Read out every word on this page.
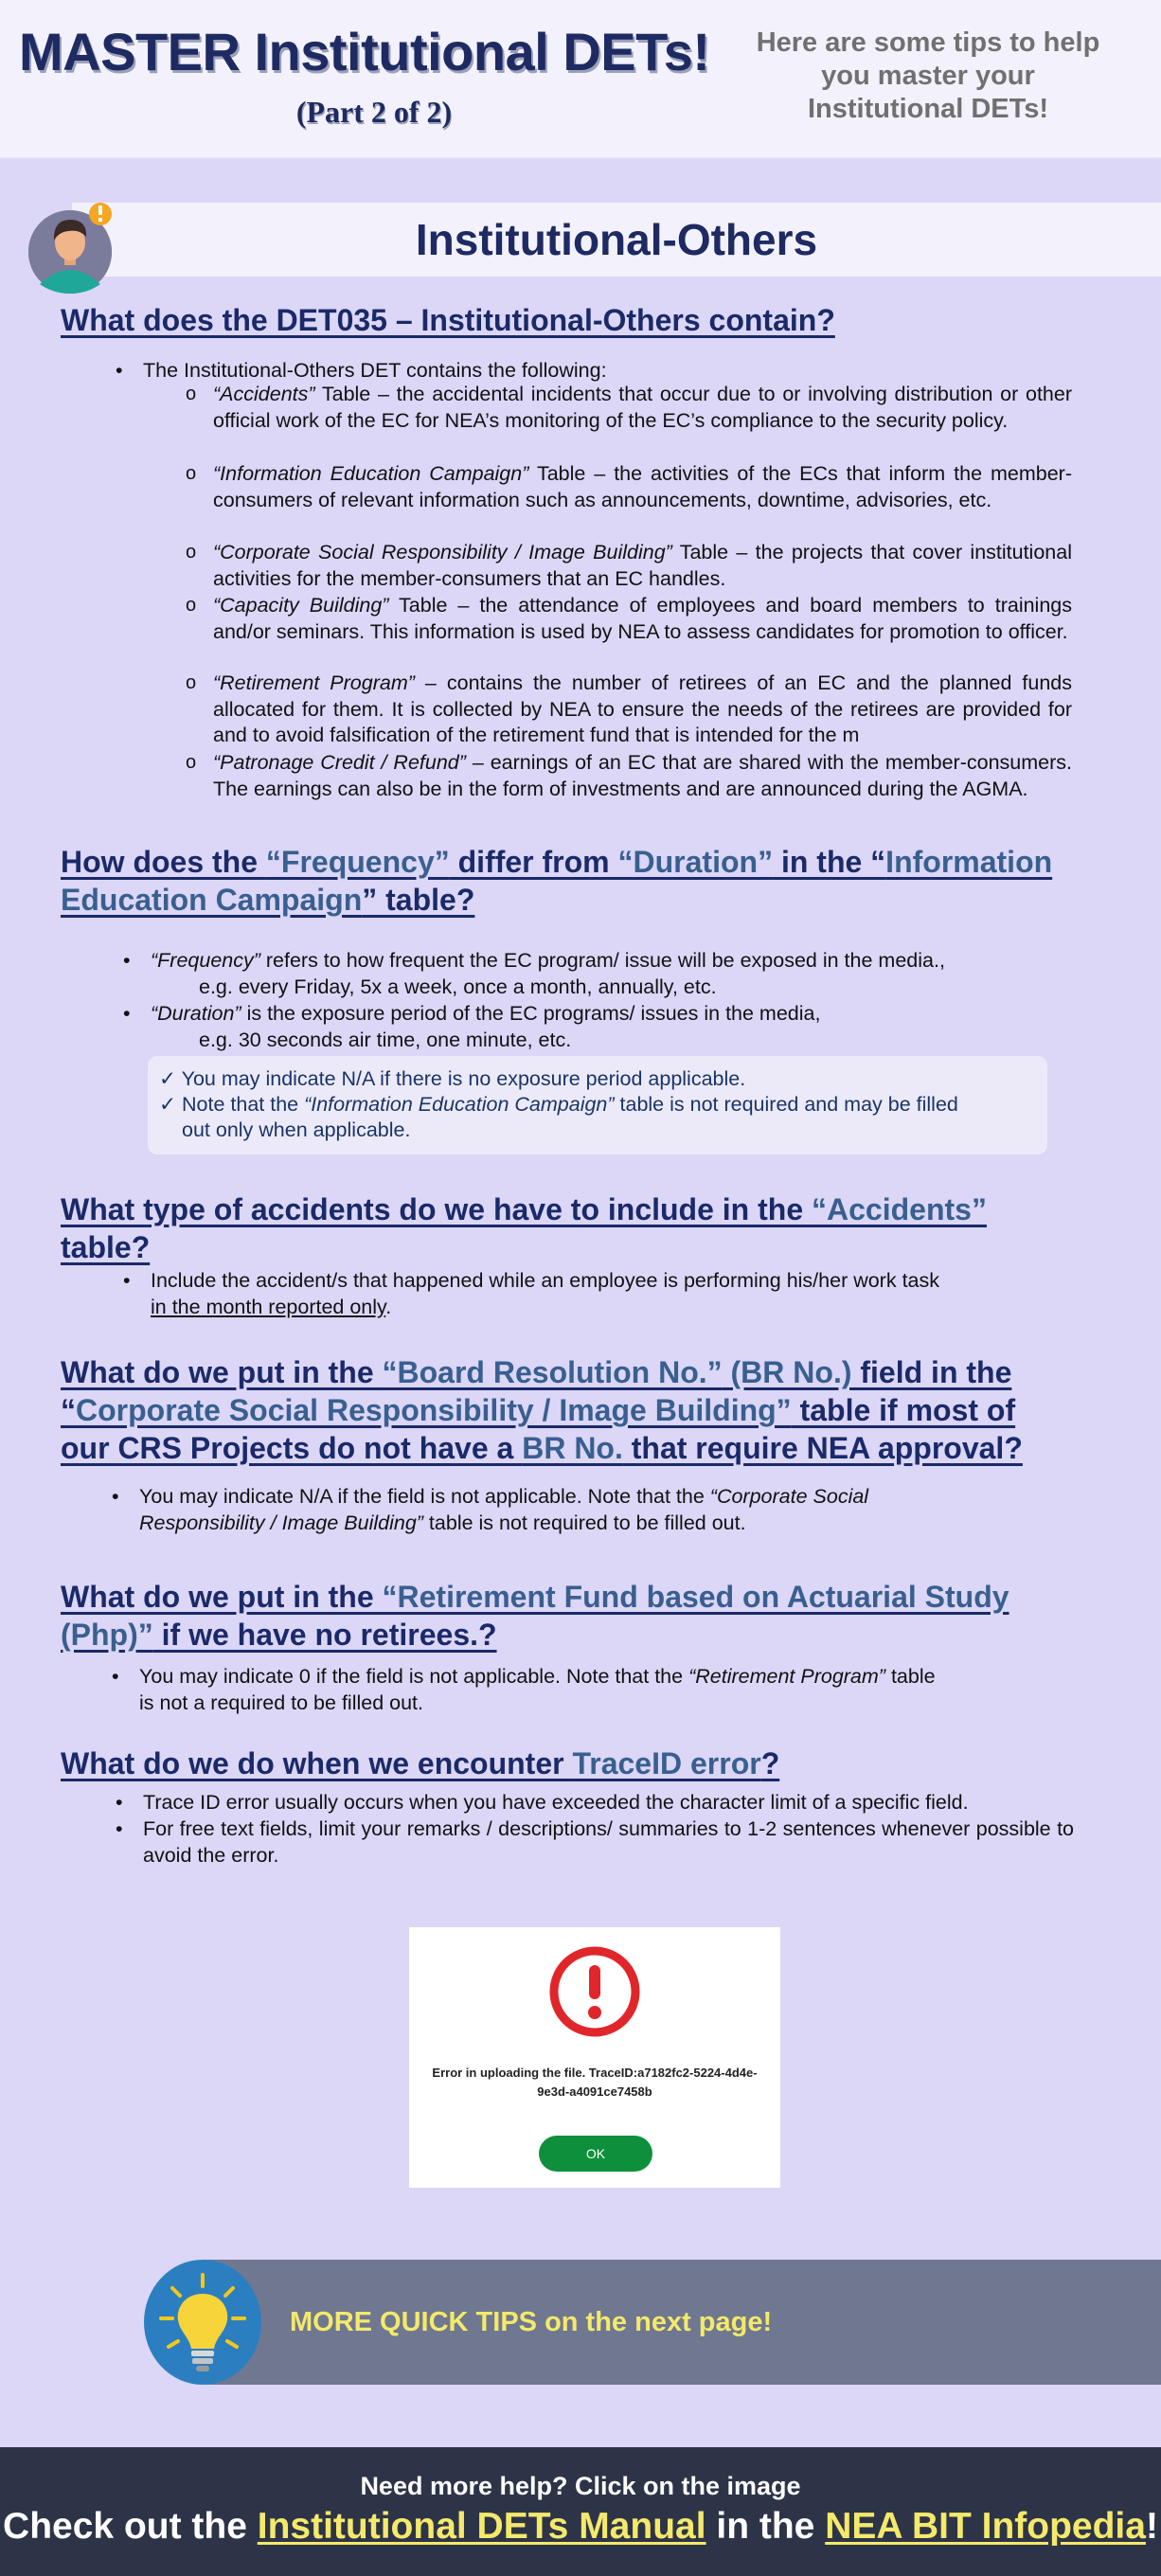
MASTER Institutional DETs!
(Part 2 of 2)
Here are some tips to help you master your Institutional DETs!
Institutional-Others
What does the DET035 – Institutional-Others contain?
• The Institutional-Others DET contains the following:
o “Accidents” Table – the accidental incidents that occur due to or involving distribution or other official work of the EC for NEA’s monitoring of the EC’s compliance to the security policy.
o “Information Education Campaign” Table – the activities of the ECs that inform the member-consumers of relevant information such as announcements, downtime, advisories, etc.
o “Corporate Social Responsibility / Image Building” Table – the projects that cover institutional activities for the member-consumers that an EC handles.
o “Capacity Building” Table – the attendance of employees and board members to trainings and/or seminars. This information is used by NEA to assess candidates for promotion to officer.
o “Retirement Program” – contains the number of retirees of an EC and the planned funds allocated for them. It is collected by NEA to ensure the needs of the retirees are provided for and to avoid falsification of the retirement fund that is intended for the m
o “Patronage Credit / Refund” – earnings of an EC that are shared with the member-consumers. The earnings can also be in the form of investments and are announced during the AGMA.
How does the “Frequency” differ from “Duration” in the “Information Education Campaign” table?
• “Frequency” refers to how frequent the EC program/ issue will be exposed in the media.,
e.g. every Friday, 5x a week, once a month, annually, etc.
• “Duration” is the exposure period of the EC programs/ issues in the media,
e.g. 30 seconds air time, one minute, etc.
✓ You may indicate N/A if there is no exposure period applicable.
✓ Note that the “Information Education Campaign” table is not required and may be filled
out only when applicable.
What type of accidents do we have to include in the “Accidents”
table?
• Include the accident/s that happened while an employee is performing his/her work task
in the month reported only.
What do we put in the “Board Resolution No.” (BR No.) field in the
“Corporate Social Responsibility / Image Building” table if most of
our CRS Projects do not have a BR No. that require NEA approval?
• You may indicate N/A if the field is not applicable. Note that the “Corporate Social
Responsibility / Image Building” table is not required to be filled out.
What do we put in the “Retirement Fund based on Actuarial Study
(Php)” if we have no retirees.?
• You may indicate 0 if the field is not applicable. Note that the “Retirement Program” table
is not a required to be filled out.
What do we do when we encounter TraceID error?
• Trace ID error usually occurs when you have exceeded the character limit of a specific field.
• For free text fields, limit your remarks / descriptions/ summaries to 1-2 sentences whenever possible to avoid the error.
Error in uploading the file. TraceID:a7182fc2-5224-4d4e-9e3d-a4091ce7458b
OK
MORE QUICK TIPS on the next page!
Need more help? Click on the image
Check out the Institutional DETs Manual in the NEA BIT Infopedia!
